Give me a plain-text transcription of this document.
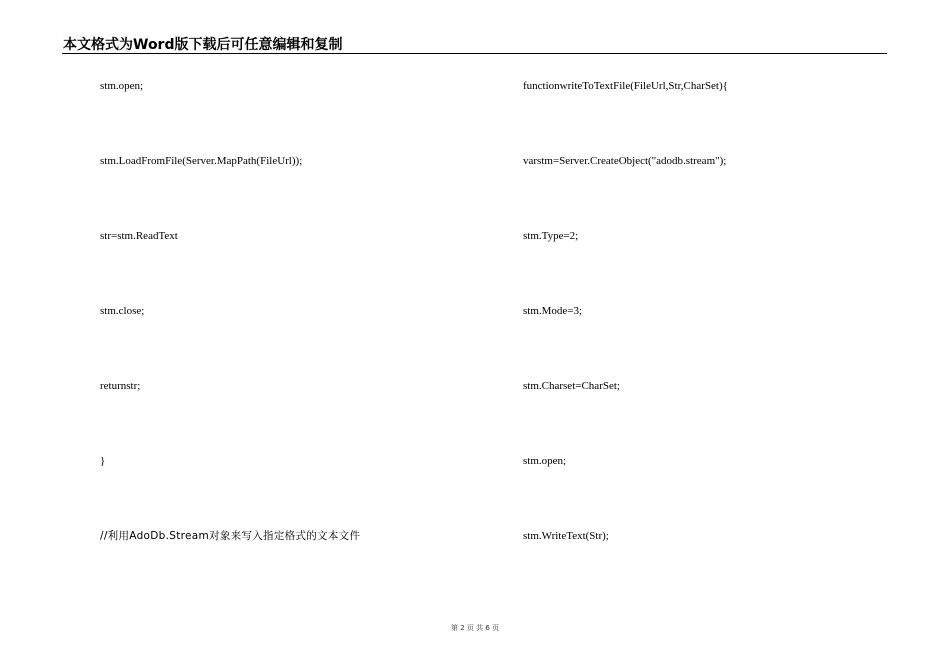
本文格式为Word版下载后可任意编辑和复制
stm.open;
stm.LoadFromFile(Server.MapPath(FileUrl));
str=stm.ReadText
stm.close;
returnstr;
}
//利用AdoDb.Stream对象来写入指定格式的文本文件
functionwriteToTextFile(FileUrl,Str,CharSet){
varstm=Server.CreateObject("adodb.stream");
stm.Type=2;
stm.Mode=3;
stm.Charset=CharSet;
stm.open;
stm.WriteText(Str);
第 2 页 共 6 页
